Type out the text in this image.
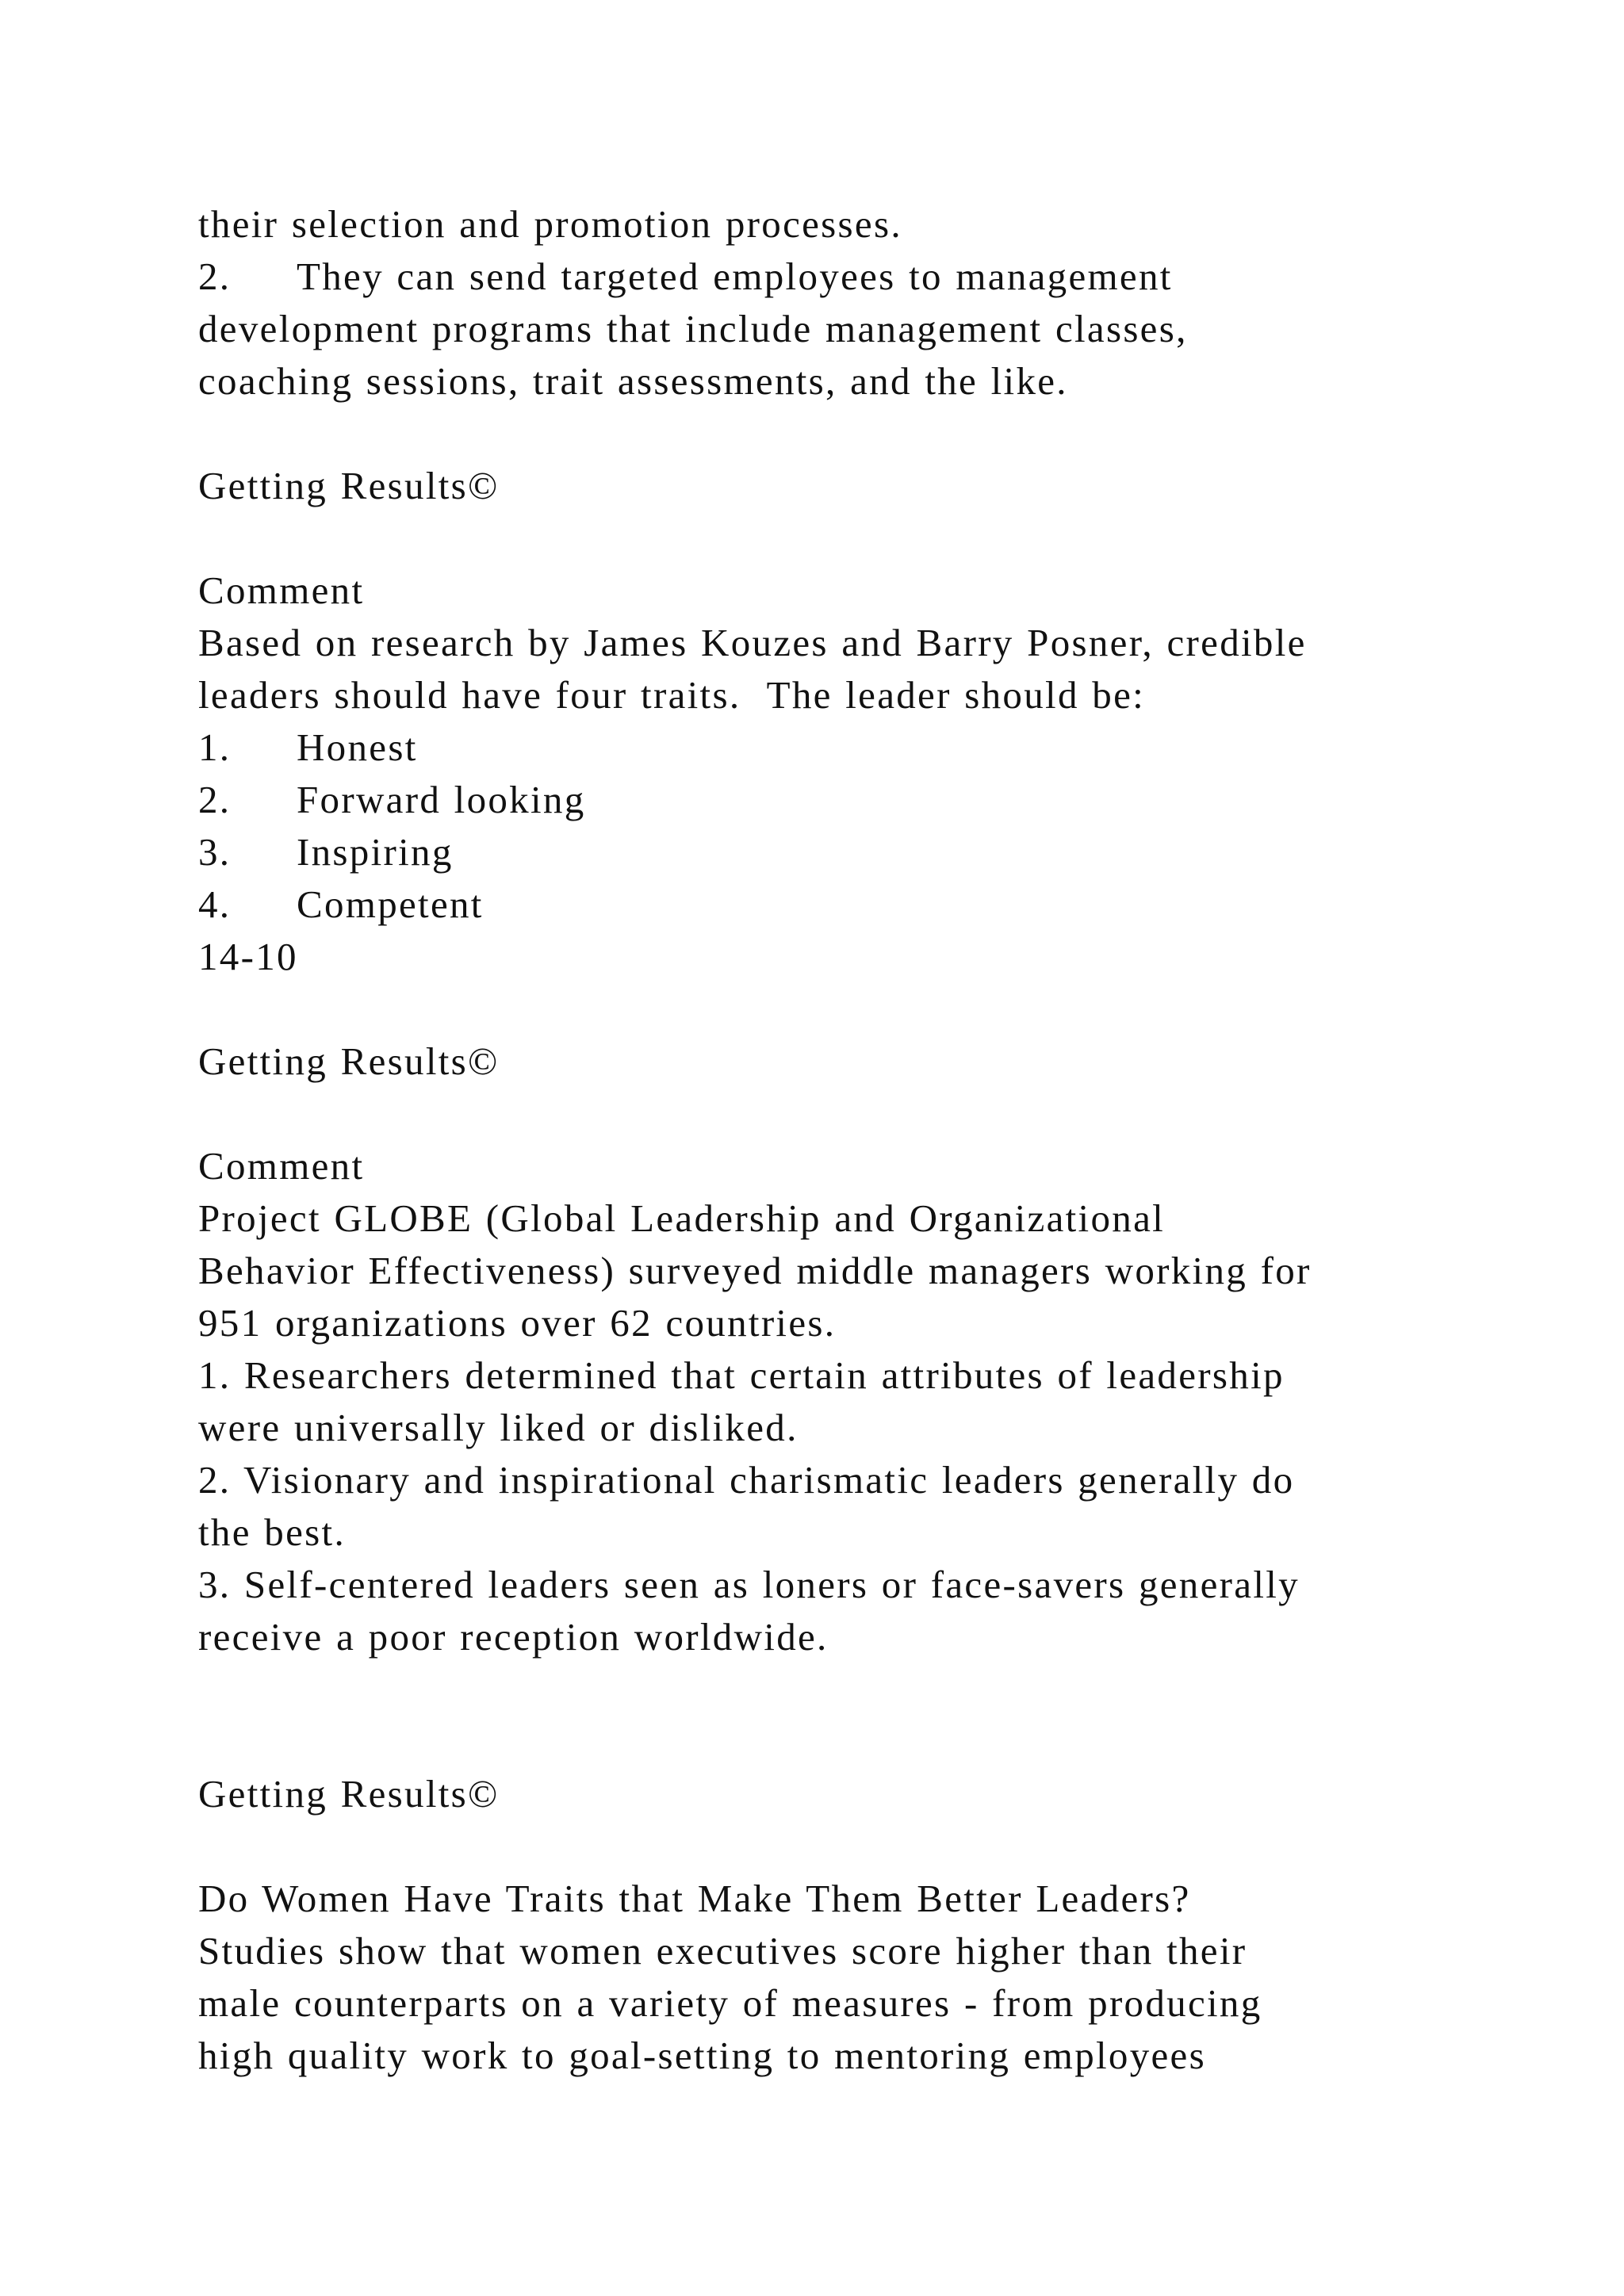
their selection and promotion processes.
2. They can send targeted employees to management
development programs that include management classes,
coaching sessions, trait assessments, and the like.
Getting Results©
Comment
Based on research by James Kouzes and Barry Posner, credible
leaders should have four traits.  The leader should be:
1. Honest
2. Forward looking
3. Inspiring
4. Competent
14-10
Getting Results©
Comment
Project GLOBE (Global Leadership and Organizational
Behavior Effectiveness) surveyed middle managers working for
951 organizations over 62 countries.
1. Researchers determined that certain attributes of leadership
were universally liked or disliked.
2. Visionary and inspirational charismatic leaders generally do
the best.
3. Self-centered leaders seen as loners or face-savers generally
receive a poor reception worldwide.
Getting Results©
Do Women Have Traits that Make Them Better Leaders?
Studies show that women executives score higher than their
male counterparts on a variety of measures - from producing
high quality work to goal-setting to mentoring employees
